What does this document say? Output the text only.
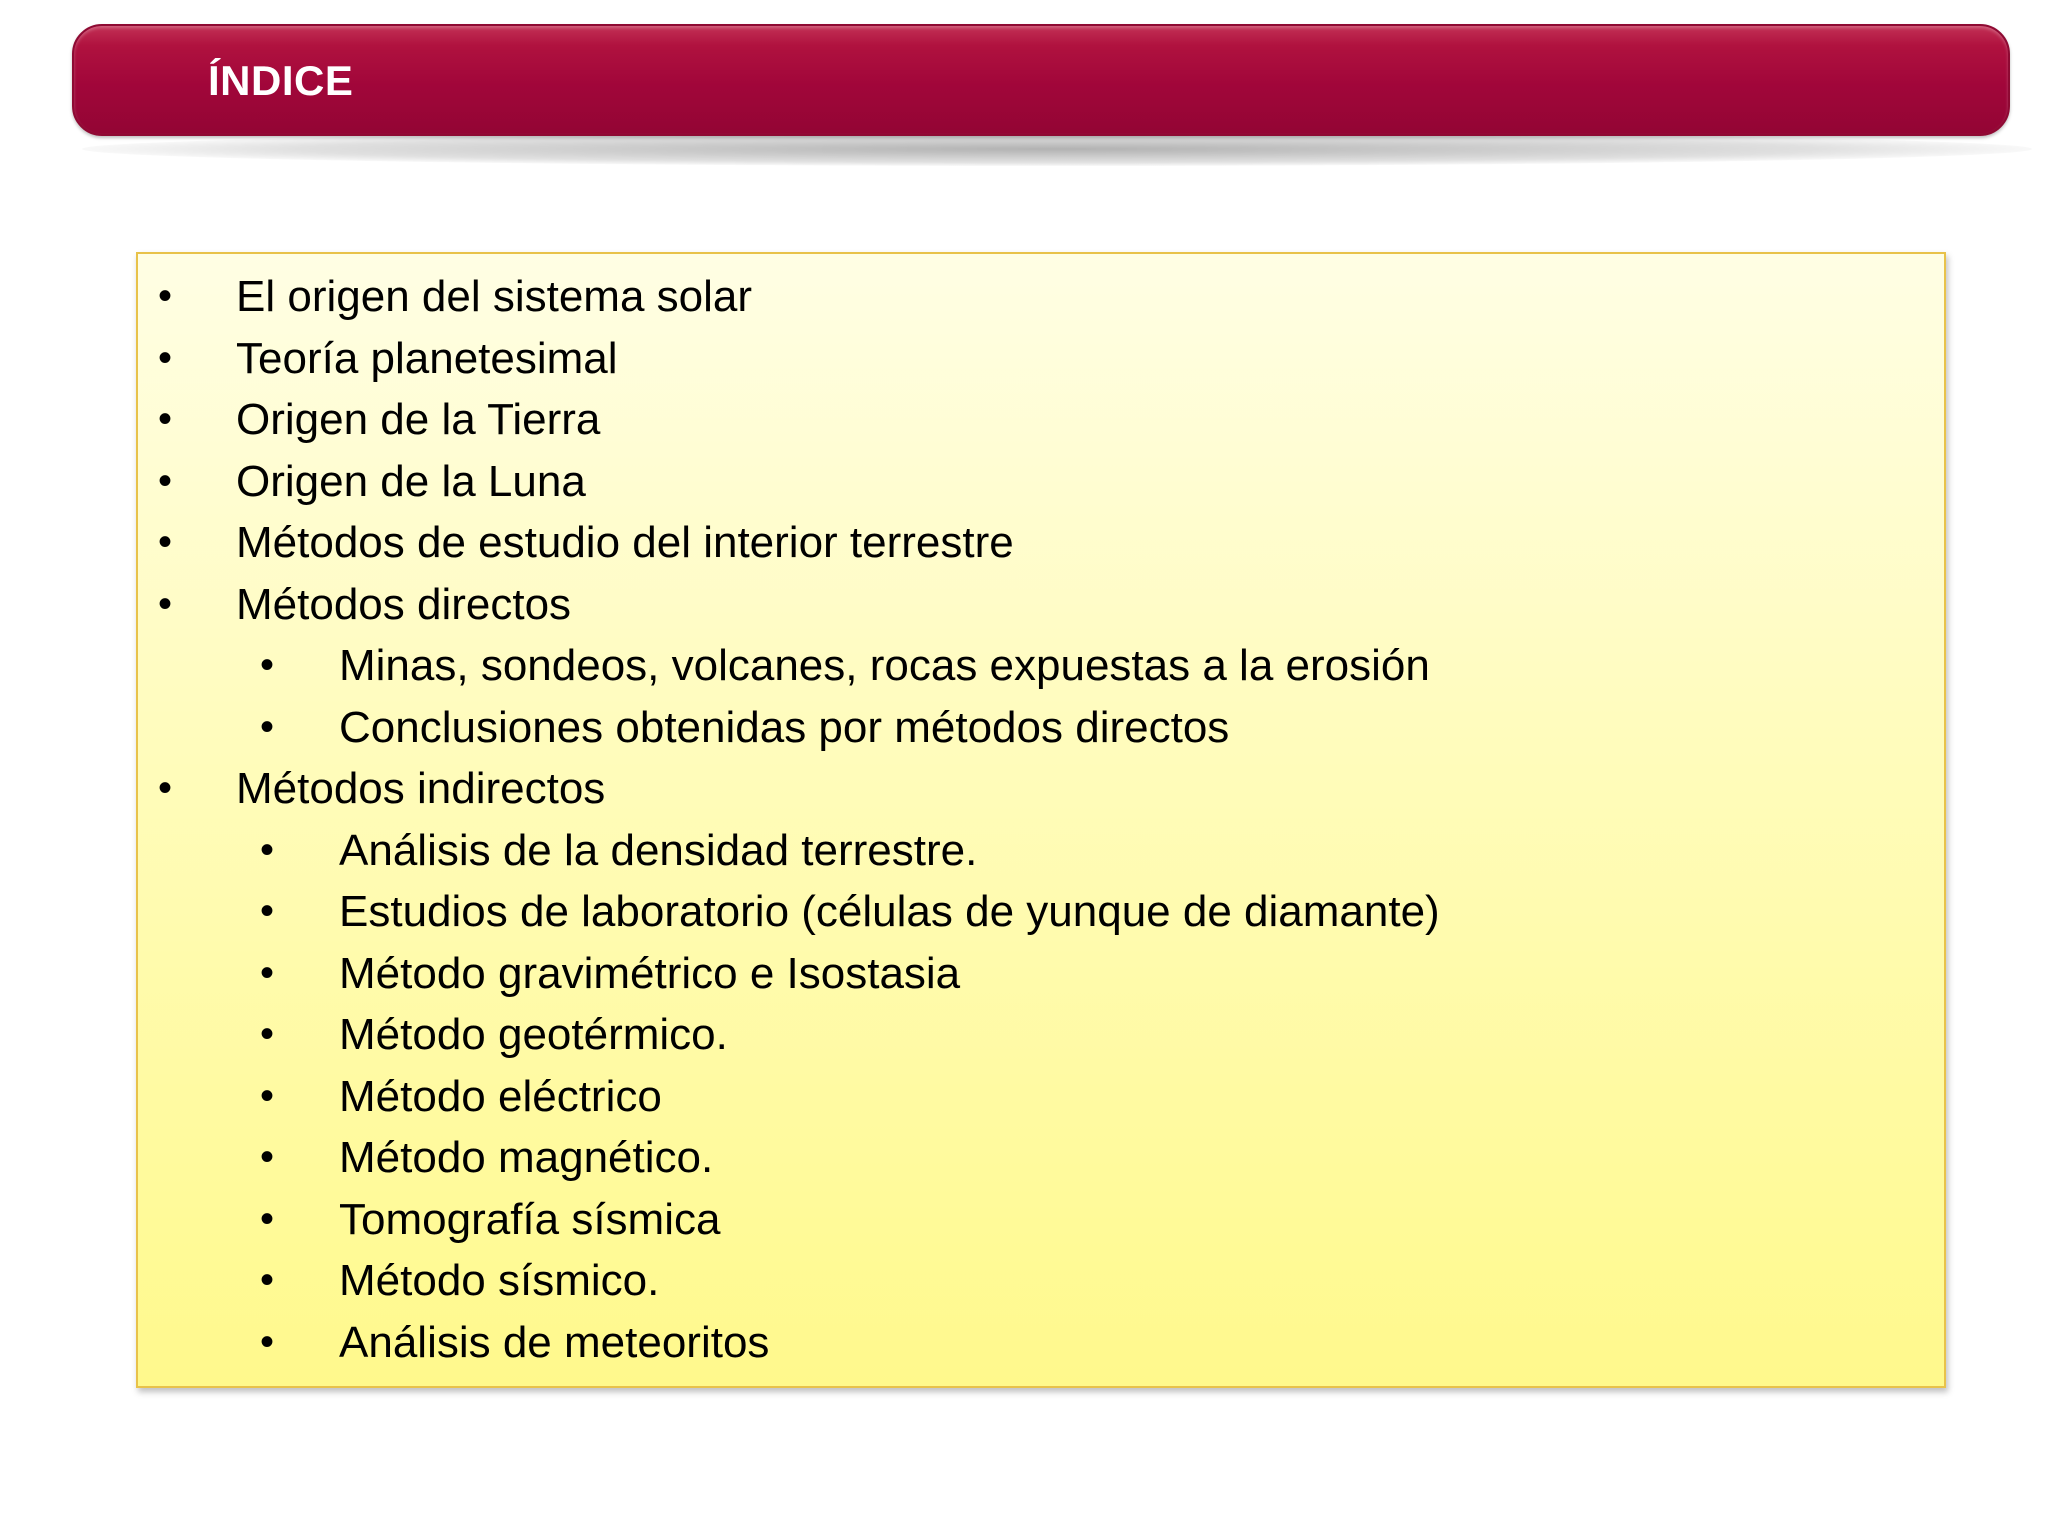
ÍNDICE
• El origen del sistema solar
• Teoría planetesimal
• Origen de la Tierra
• Origen de la Luna
• Métodos de estudio del interior terrestre
• Métodos directos
• Minas, sondeos, volcanes, rocas expuestas a la erosión
• Conclusiones obtenidas por métodos directos
• Métodos indirectos
• Análisis de la densidad terrestre.
• Estudios de laboratorio (células de yunque de diamante)
• Método gravimétrico e Isostasia
• Método geotérmico.
• Método eléctrico
• Método magnético.
• Tomografía sísmica
• Método sísmico.
• Análisis de meteoritos
